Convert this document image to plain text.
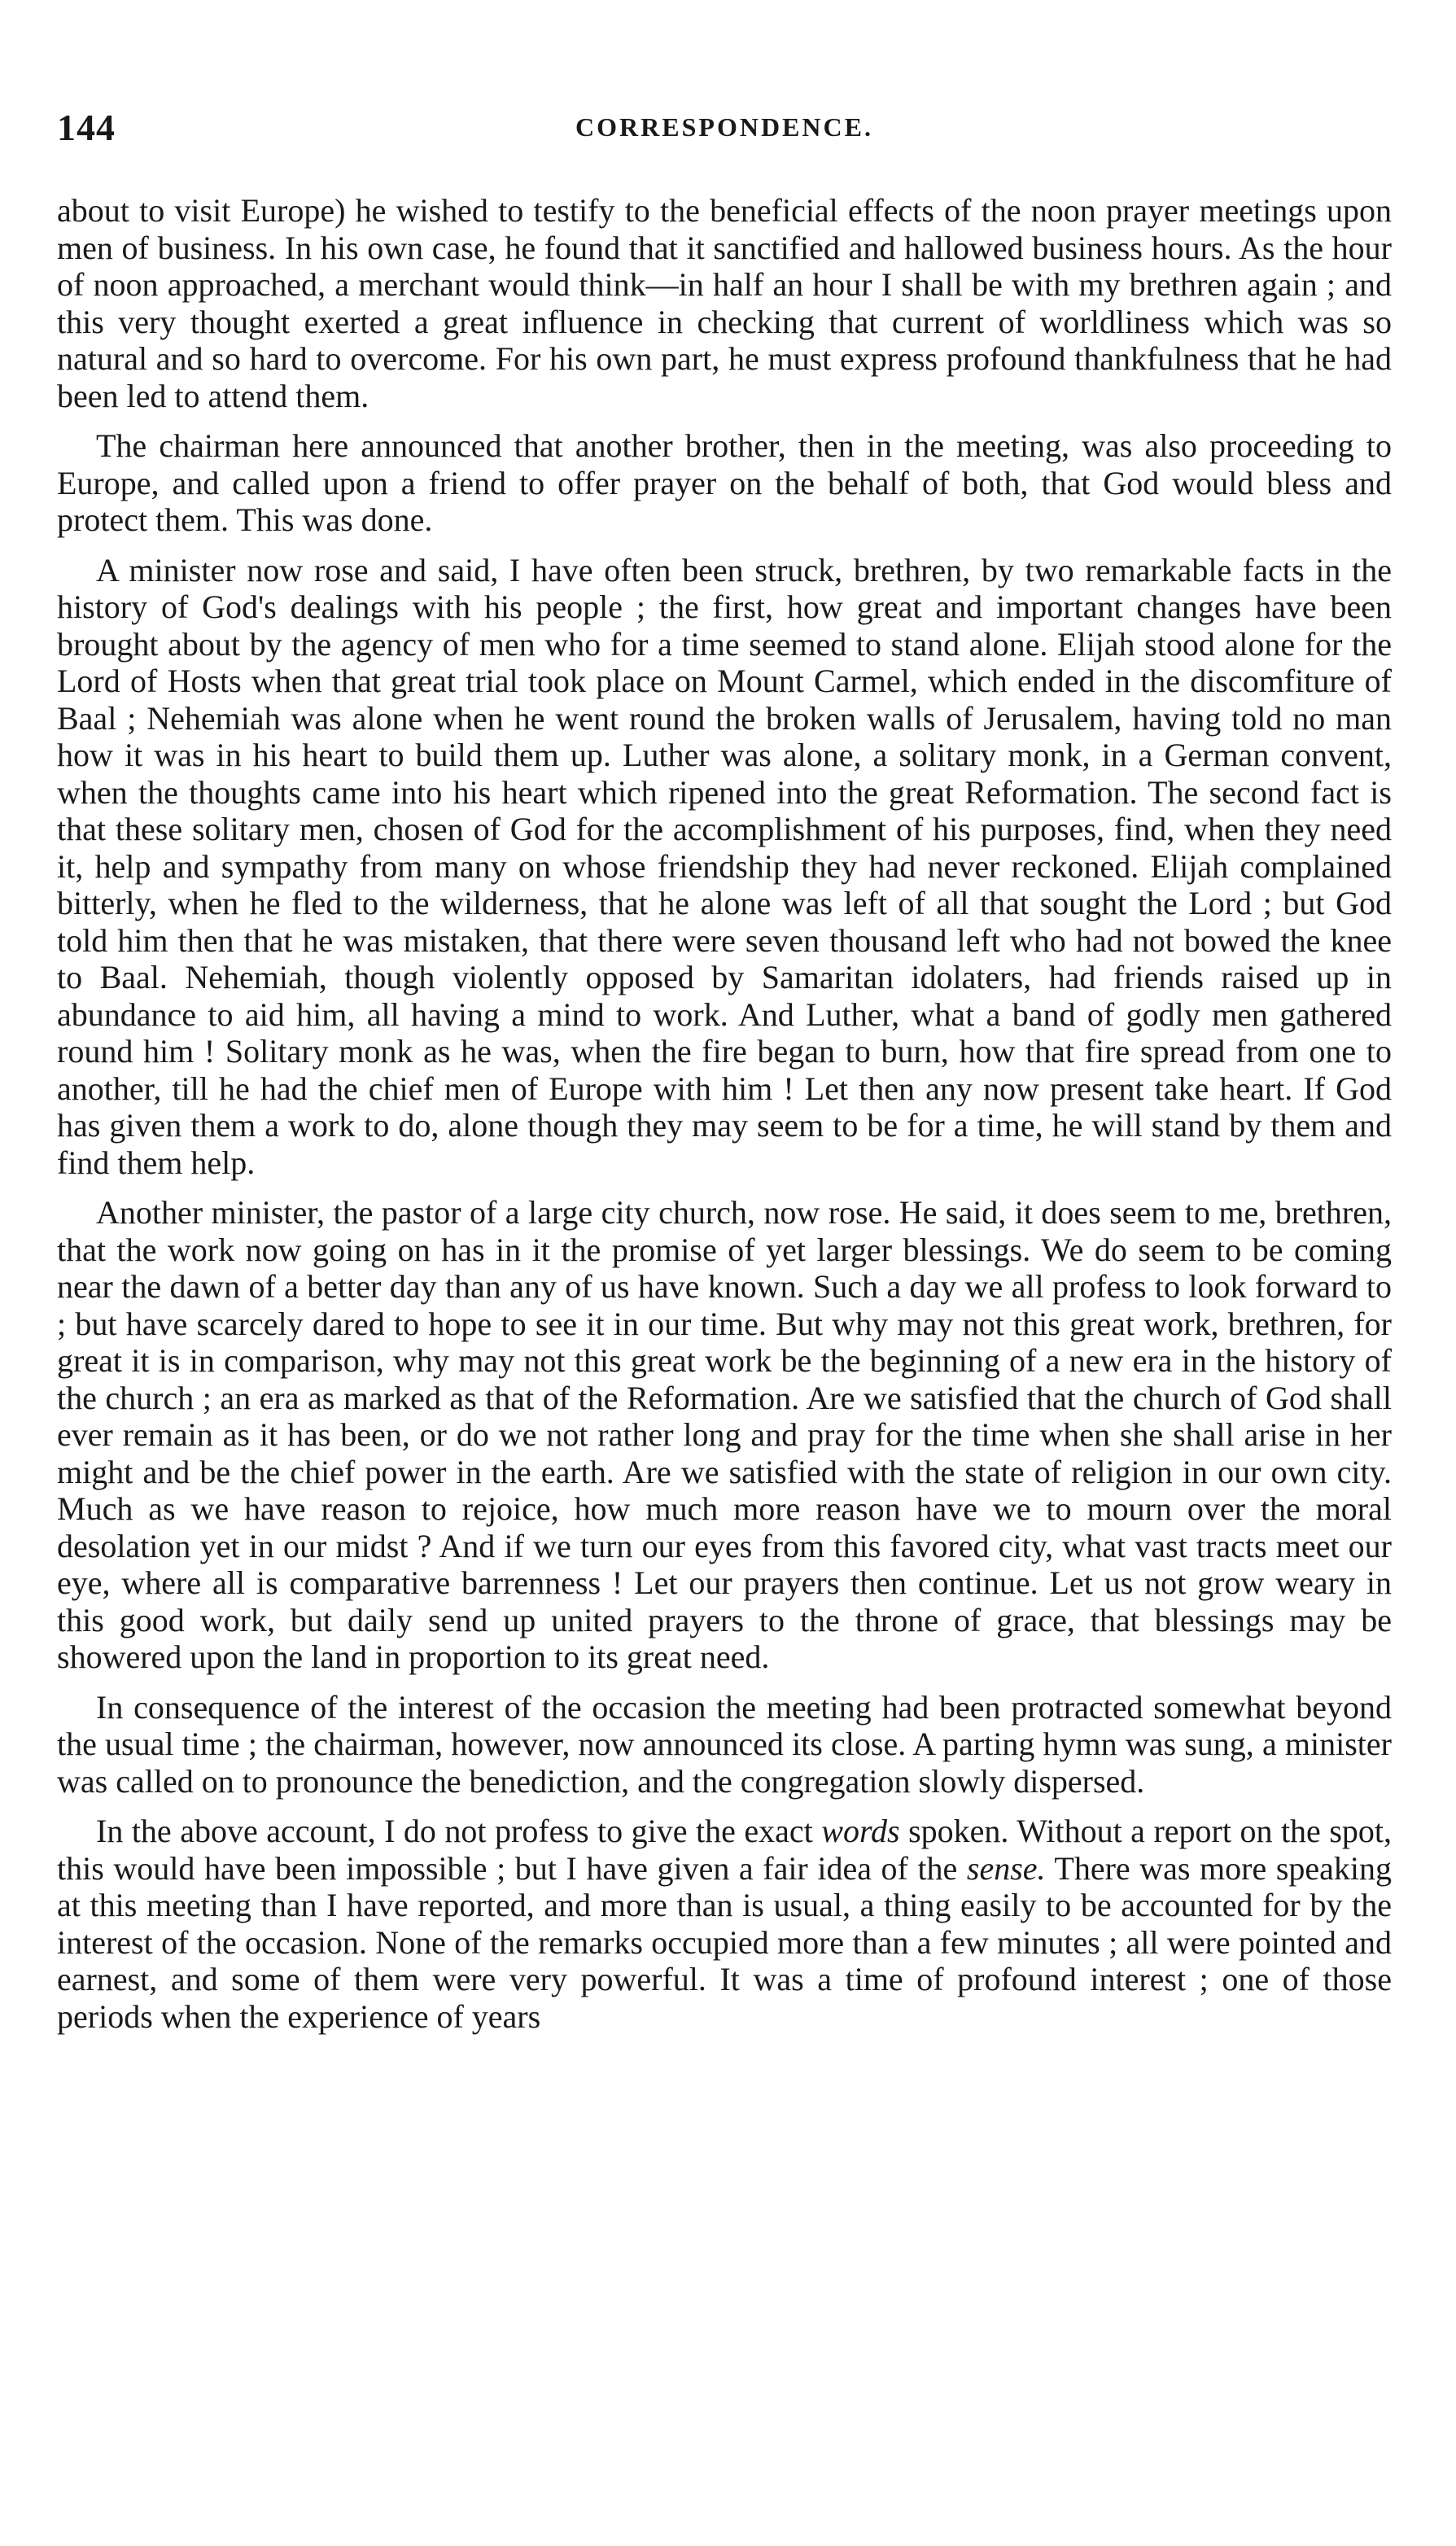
144	CORRESPONDENCE.

about to visit Europe) he wished to testify to the beneficial effects of the noon prayer meetings upon men of business. In his own case, he found that it sanctified and hallowed business hours. As the hour of noon approached, a merchant would think—in half an hour I shall be with my brethren again ; and this very thought exerted a great influence in checking that current of worldliness which was so natural and so hard to overcome. For his own part, he must express profound thankfulness that he had been led to attend them.

The chairman here announced that another brother, then in the meeting, was also proceeding to Europe, and called upon a friend to offer prayer on the behalf of both, that God would bless and protect them. This was done.

A minister now rose and said, I have often been struck, brethren, by two remarkable facts in the history of God's dealings with his people ; the first, how great and important changes have been brought about by the agency of men who for a time seemed to stand alone. Elijah stood alone for the Lord of Hosts when that great trial took place on Mount Carmel, which ended in the discomfiture of Baal ; Nehemiah was alone when he went round the broken walls of Jerusalem, having told no man how it was in his heart to build them up. Luther was alone, a solitary monk, in a German convent, when the thoughts came into his heart which ripened into the great Reformation. The second fact is that these solitary men, chosen of God for the accomplishment of his purposes, find, when they need it, help and sympathy from many on whose friendship they had never reckoned. Elijah complained bitterly, when he fled to the wilderness, that he alone was left of all that sought the Lord ; but God told him then that he was mistaken, that there were seven thousand left who had not bowed the knee to Baal. Nehemiah, though violently opposed by Samaritan idolaters, had friends raised up in abundance to aid him, all having a mind to work. And Luther, what a band of godly men gathered round him ! Solitary monk as he was, when the fire began to burn, how that fire spread from one to another, till he had the chief men of Europe with him ! Let then any now present take heart. If God has given them a work to do, alone though they may seem to be for a time, he will stand by them and find them help.

Another minister, the pastor of a large city church, now rose. He said, it does seem to me, brethren, that the work now going on has in it the promise of yet larger blessings. We do seem to be coming near the dawn of a better day than any of us have known. Such a day we all profess to look forward to ; but have scarcely dared to hope to see it in our time. But why may not this great work, brethren, for great it is in comparison, why may not this great work be the beginning of a new era in the history of the church ; an era as marked as that of the Reformation. Are we satisfied that the church of God shall ever remain as it has been, or do we not rather long and pray for the time when she shall arise in her might and be the chief power in the earth. Are we satisfied with the state of religion in our own city. Much as we have reason to rejoice, how much more reason have we to mourn over the moral desolation yet in our midst ? And if we turn our eyes from this favored city, what vast tracts meet our eye, where all is comparative barrenness ! Let our prayers then continue. Let us not grow weary in this good work, but daily send up united prayers to the throne of grace, that blessings may be showered upon the land in proportion to its great need.

In consequence of the interest of the occasion the meeting had been protracted somewhat beyond the usual time ; the chairman, however, now announced its close. A parting hymn was sung, a minister was called on to pronounce the benediction, and the congregation slowly dispersed.

In the above account, I do not profess to give the exact words spoken. Without a report on the spot, this would have been impossible ; but I have given a fair idea of the sense. There was more speaking at this meeting than I have reported, and more than is usual, a thing easily to be accounted for by the interest of the occasion. None of the remarks occupied more than a few minutes ; all were pointed and earnest, and some of them were very powerful. It was a time of profound interest ; one of those periods when the experience of years
